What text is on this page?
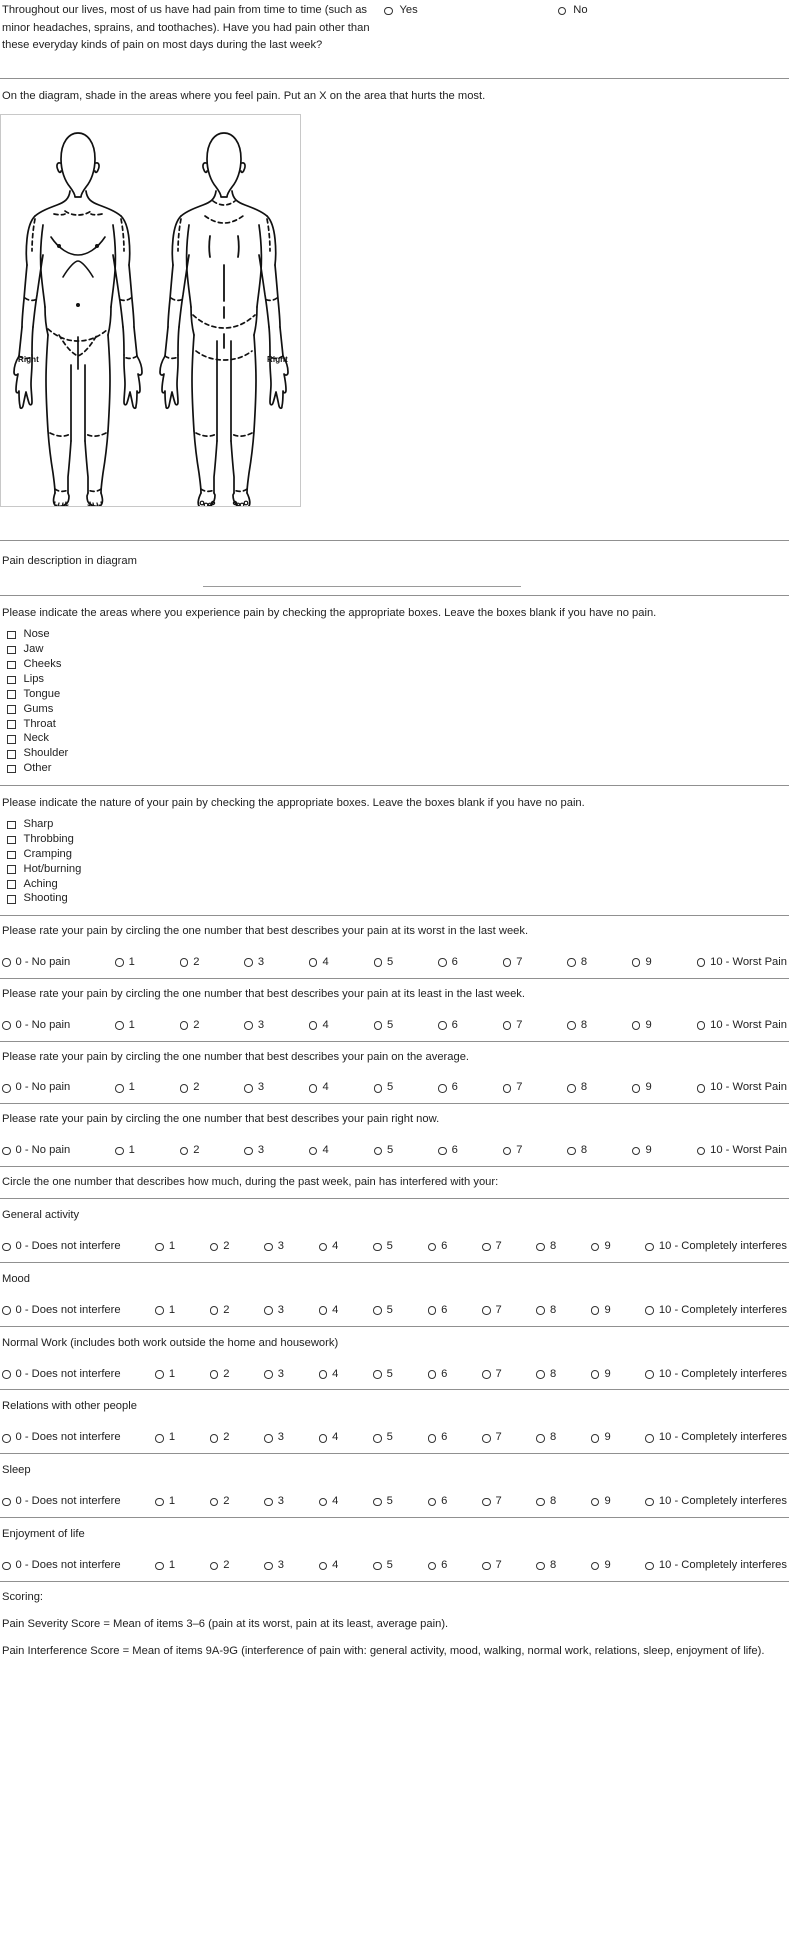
Throughout our lives, most of us have had pain from time to time (such as minor headaches, sprains, and toothaches). Have you had pain other than these everyday kinds of pain on most days during the last week?
Yes	No
On the diagram, shade in the areas where you feel pain. Put an X on the area that hurts the most.
Right	Right
Pain description in diagram
Please indicate the areas where you experience pain by checking the appropriate boxes. Leave the boxes blank if you have no pain.
Nose
Jaw
Cheeks
Lips
Tongue
Gums
Throat
Neck
Shoulder
Other
Please indicate the nature of your pain by checking the appropriate boxes. Leave the boxes blank if you have no pain.
Sharp
Throbbing
Cramping
Hot/burning
Aching
Shooting
Please rate your pain by circling the one number that best describes your pain at its worst in the last week.
0 - No pain	1	2	3	4	5	6	7	8	9	10 - Worst Pain
Please rate your pain by circling the one number that best describes your pain at its least in the last week.
0 - No pain	1	2	3	4	5	6	7	8	9	10 - Worst Pain
Please rate your pain by circling the one number that best describes your pain on the average.
0 - No pain	1	2	3	4	5	6	7	8	9	10 - Worst Pain
Please rate your pain by circling the one number that best describes your pain right now.
0 - No pain	1	2	3	4	5	6	7	8	9	10 - Worst Pain
Circle the one number that describes how much, during the past week, pain has interfered with your:
General activity
0 - Does not interfere	1	2	3	4	5	6	7	8	9	10 - Completely interferes
Mood
0 - Does not interfere	1	2	3	4	5	6	7	8	9	10 - Completely interferes
Normal Work (includes both work outside the home and housework)
0 - Does not interfere	1	2	3	4	5	6	7	8	9	10 - Completely interferes
Relations with other people
0 - Does not interfere	1	2	3	4	5	6	7	8	9	10 - Completely interferes
Sleep
0 - Does not interfere	1	2	3	4	5	6	7	8	9	10 - Completely interferes
Enjoyment of life
0 - Does not interfere	1	2	3	4	5	6	7	8	9	10 - Completely interferes

Scoring:

Pain Severity Score = Mean of items 3–6 (pain at its worst, pain at its least, average pain).

Pain Interference Score = Mean of items 9A-9G (interference of pain with: general activity, mood, walking, normal work, relations, sleep, enjoyment of life).
